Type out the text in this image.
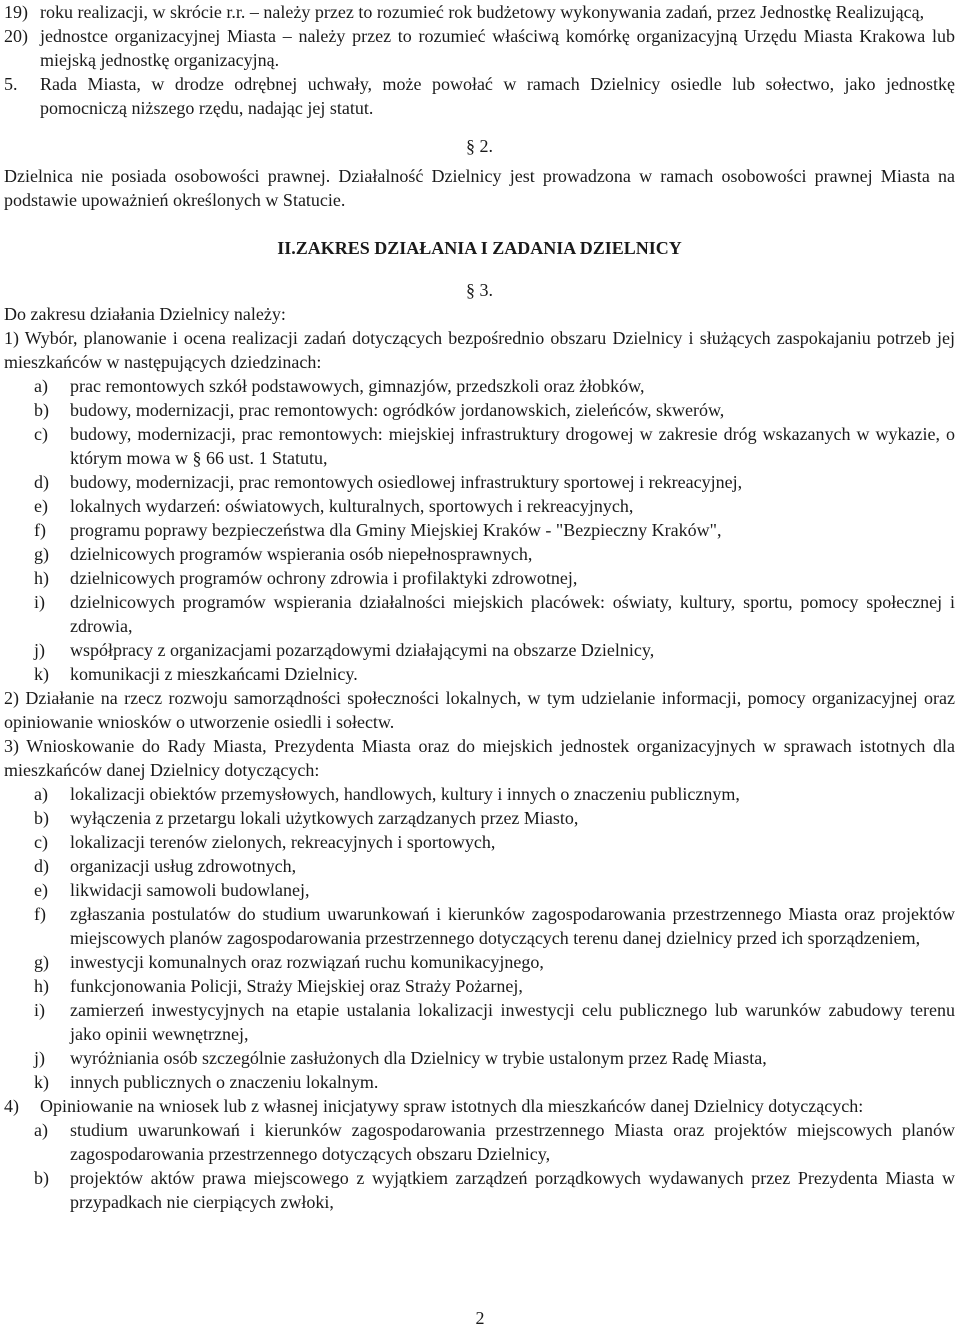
19) roku realizacji, w skrócie r.r. – należy przez to rozumieć rok budżetowy wykonywania zadań, przez Jednostkę Realizującą,
20) jednostce organizacyjnej Miasta – należy przez to rozumieć właściwą komórkę organizacyjną Urzędu Miasta Krakowa lub miejską jednostkę organizacyjną.
5.	Rada Miasta, w drodze odrębnej uchwały, może powołać w ramach Dzielnicy osiedle lub sołectwo, jako jednostkę pomocniczą niższego rzędu, nadając jej statut.

§ 2.

Dzielnica nie posiada osobowości prawnej. Działalność Dzielnicy jest prowadzona w ramach osobowości prawnej Miasta na podstawie upoważnień określonych w Statucie.

II.ZAKRES DZIAŁANIA I ZADANIA DZIELNICY

§ 3.

Do zakresu działania Dzielnicy należy:

1) Wybór, planowanie i ocena realizacji zadań dotyczących bezpośrednio obszaru Dzielnicy i służących zaspokajaniu potrzeb jej mieszkańców w następujących dziedzinach:

a)	prac remontowych szkół podstawowych, gimnazjów, przedszkoli oraz żłobków,
b)	budowy, modernizacji, prac remontowych: ogródków jordanowskich, zieleńców, skwerów,
c)	budowy, modernizacji, prac remontowych: miejskiej infrastruktury drogowej w zakresie dróg wskazanych w wykazie, o którym mowa w § 66 ust. 1 Statutu,
d)	budowy, modernizacji, prac remontowych osiedlowej infrastruktury sportowej i rekreacyjnej,
e)	lokalnych wydarzeń: oświatowych, kulturalnych, sportowych i rekreacyjnych,
f)	programu poprawy bezpieczeństwa dla Gminy Miejskiej Kraków - "Bezpieczny Kraków",
g)	dzielnicowych programów wspierania osób niepełnosprawnych,
h)	dzielnicowych programów ochrony zdrowia i profilaktyki zdrowotnej,
i)	dzielnicowych programów wspierania działalności miejskich placówek: oświaty, kultury, sportu, pomocy społecznej i zdrowia,
j)	współpracy z organizacjami pozarządowymi działającymi na obszarze Dzielnicy,
k)	komunikacji z mieszkańcami Dzielnicy.

2) Działanie na rzecz rozwoju samorządności społeczności lokalnych, w tym udzielanie informacji, pomocy organizacyjnej oraz opiniowanie wniosków o utworzenie osiedli i sołectw.

3) Wnioskowanie do Rady Miasta, Prezydenta Miasta oraz do miejskich jednostek organizacyjnych w sprawach istotnych dla mieszkańców danej Dzielnicy dotyczących:

a)	lokalizacji obiektów przemysłowych, handlowych, kultury i innych o znaczeniu publicznym,
b)	wyłączenia z przetargu lokali użytkowych zarządzanych przez Miasto,
c)	lokalizacji terenów zielonych, rekreacyjnych i sportowych,
d)	organizacji usług zdrowotnych,
e)	likwidacji samowoli budowlanej,
f)	zgłaszania postulatów do studium uwarunkowań i kierunków zagospodarowania przestrzennego Miasta oraz projektów miejscowych planów zagospodarowania przestrzennego dotyczących terenu danej dzielnicy przed ich sporządzeniem,
g)	inwestycji komunalnych oraz rozwiązań ruchu komunikacyjnego,
h)	funkcjonowania Policji, Straży Miejskiej oraz Straży Pożarnej,
i)	zamierzeń inwestycyjnych na etapie ustalania lokalizacji inwestycji celu publicznego lub warunków zabudowy terenu jako opinii wewnętrznej,
j)	wyróżniania osób szczególnie zasłużonych dla Dzielnicy w trybie ustalonym przez Radę Miasta,
k)	innych publicznych o znaczeniu lokalnym.
4)	Opiniowanie na wniosek lub z własnej inicjatywy spraw istotnych dla mieszkańców danej Dzielnicy dotyczących:
a)	studium uwarunkowań i kierunków zagospodarowania przestrzennego Miasta oraz projektów miejscowych planów zagospodarowania przestrzennego dotyczących obszaru Dzielnicy,
b)	projektów aktów prawa miejscowego z wyjątkiem zarządzeń porządkowych wydawanych przez Prezydenta Miasta w przypadkach nie cierpiących zwłoki,
2
